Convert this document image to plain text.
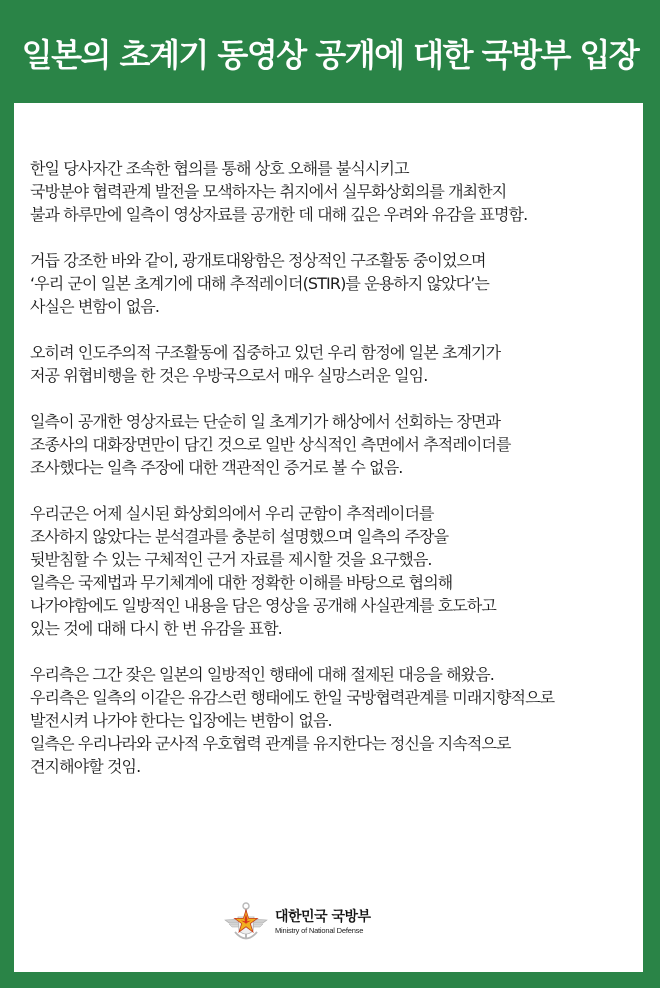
일본의 초계기 동영상 공개에 대한 국방부 입장

한일 당사자간 조속한 협의를 통해 상호 오해를 불식시키고
국방분야 협력관계 발전을 모색하자는 취지에서 실무화상회의를 개최한지
불과 하루만에 일측이 영상자료를 공개한 데 대해 깊은 우려와 유감을 표명함.

거듭 강조한 바와 같이, 광개토대왕함은 정상적인 구조활동 중이었으며
‘우리 군이 일본 초계기에 대해 추적레이더(STIR)를 운용하지 않았다’는
사실은 변함이 없음.

오히려 인도주의적 구조활동에 집중하고 있던 우리 함정에 일본 초계기가
저공 위협비행을 한 것은 우방국으로서 매우 실망스러운 일임.

일측이 공개한 영상자료는 단순히 일 초계기가 해상에서 선회하는 장면과
조종사의 대화장면만이 담긴 것으로 일반 상식적인 측면에서 추적레이더를
조사했다는 일측 주장에 대한 객관적인 증거로 볼 수 없음.

우리군은 어제 실시된 화상회의에서 우리 군함이 추적레이더를
조사하지 않았다는 분석결과를 충분히 설명했으며 일측의 주장을
뒷받침할 수 있는 구체적인 근거 자료를 제시할 것을 요구했음.
일측은 국제법과 무기체계에 대한 정확한 이해를 바탕으로 협의해
나가야함에도 일방적인 내용을 담은 영상을 공개해 사실관계를 호도하고
있는 것에 대해 다시 한 번 유감을 표함.

우리측은 그간 잦은 일본의 일방적인 행태에 대해 절제된 대응을 해왔음.
우리측은 일측의 이같은 유감스런 행태에도 한일 국방협력관계를 미래지향적으로
발전시켜 나가야 한다는 입장에는 변함이 없음.
일측은 우리나라와 군사적 우호협력 관계를 유지한다는 정신을 지속적으로
견지해야할 것임.

대한민국 국방부
Ministry of National Defense
